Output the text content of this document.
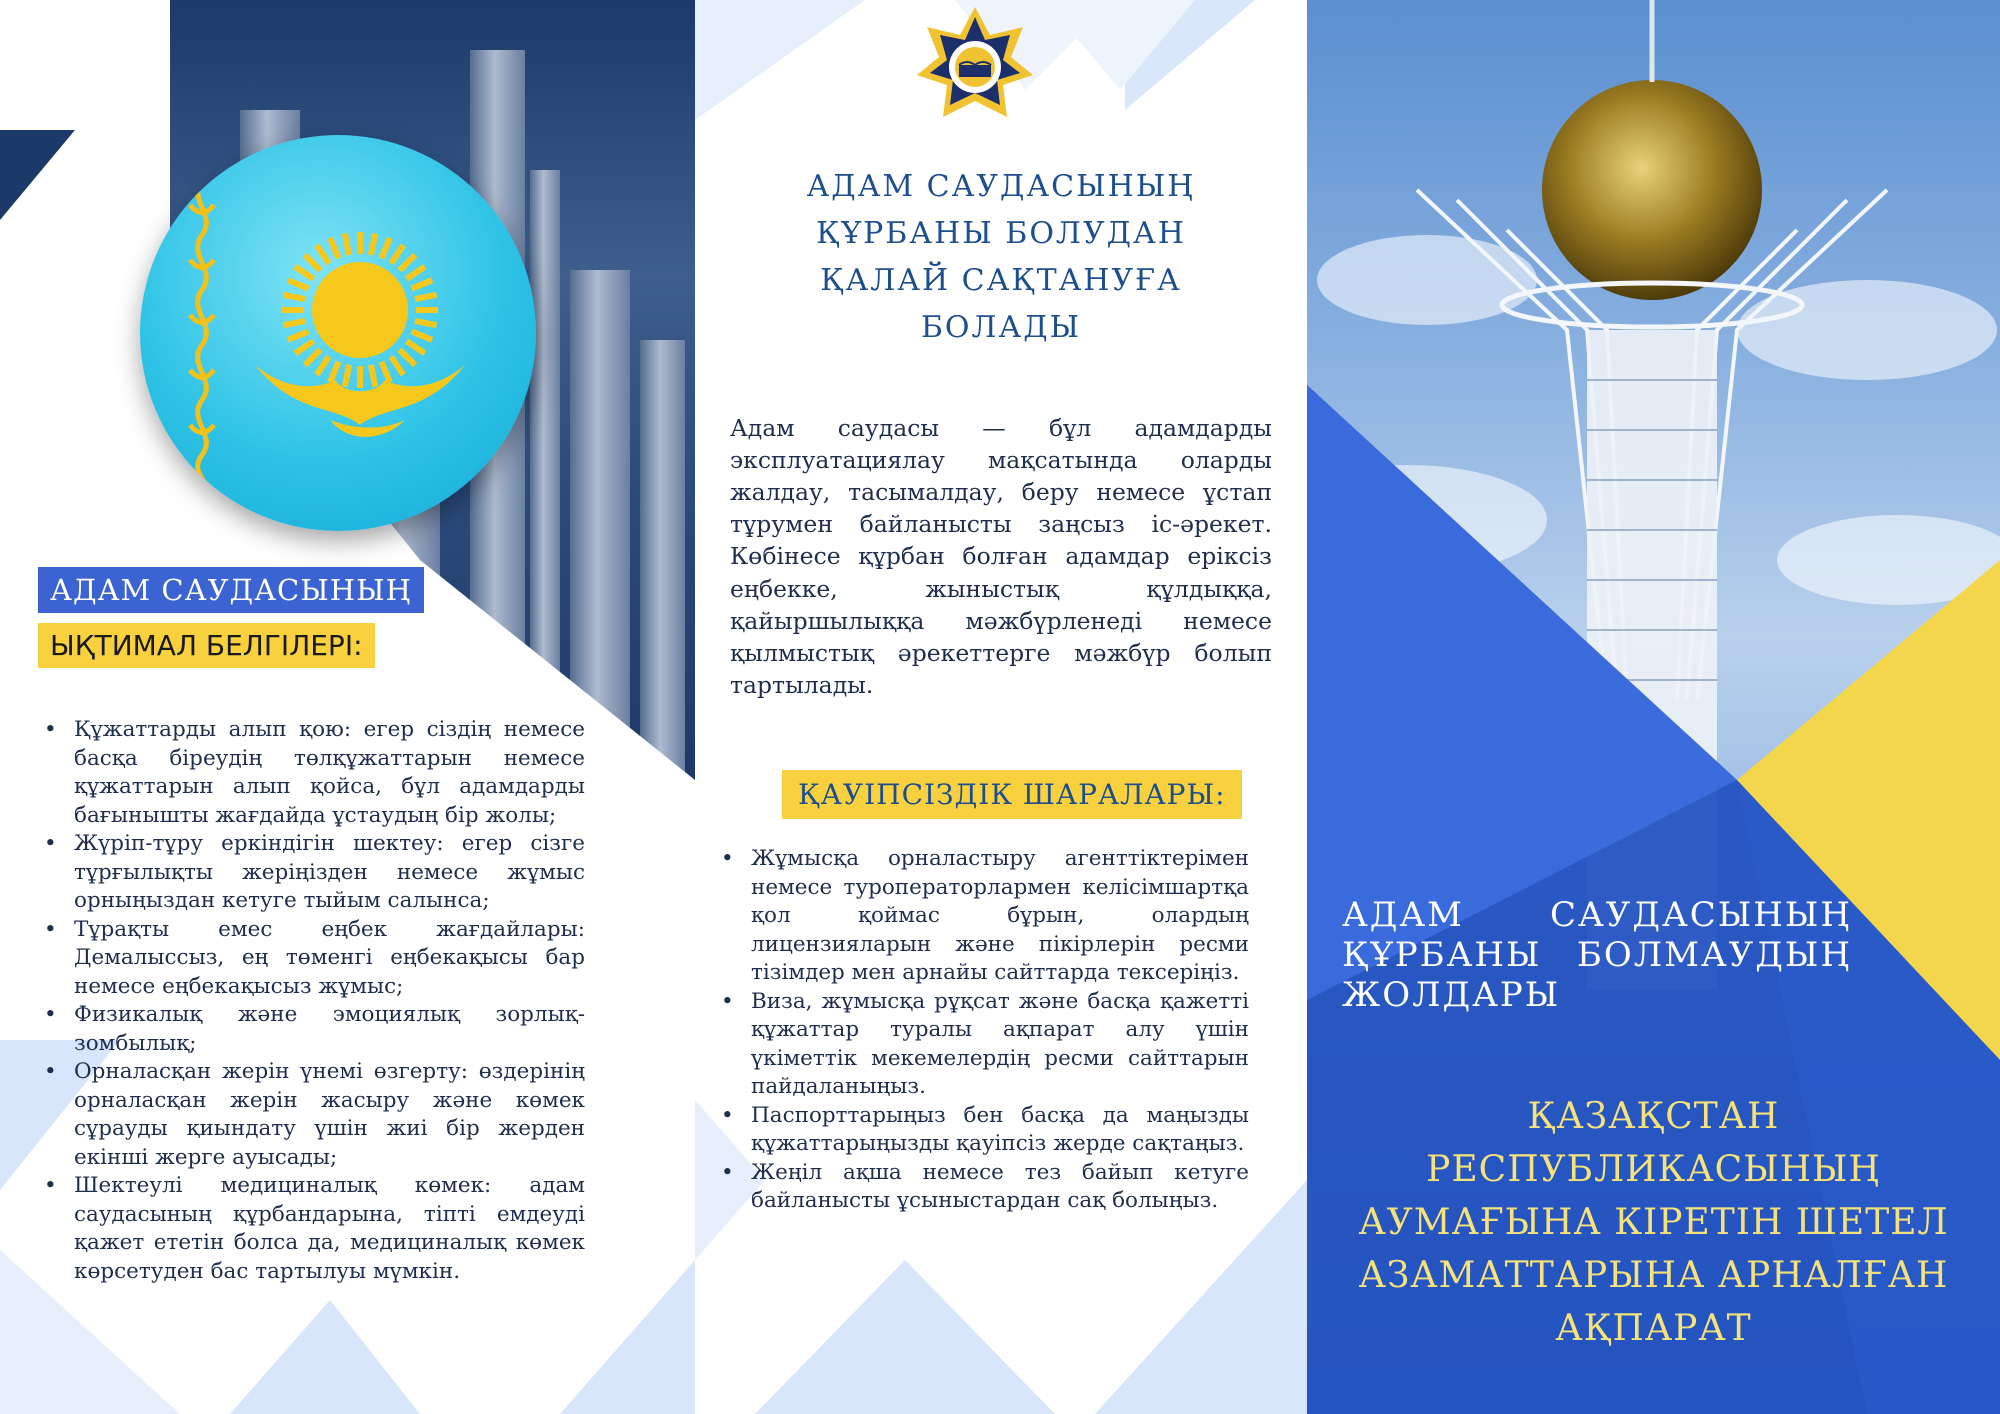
АДАМ САУДАСЫНЫҢ
ЫҚТИМАЛ БЕЛГІЛЕРІ:
• Құжаттарды алып қою: егер сіздің немесе басқа біреудің төлқұжаттарын немесе құжаттарын алып қойса, бұл адамдарды бағынышты жағдайда ұстаудың бір жолы;
• Жүріп-тұру еркіндігін шектеу: егер сізге тұрғылықты жеріңізден немесе жұмыс орныңыздан кетуге тыйым салынса;
• Тұрақты емес еңбек жағдайлары: Демалыссыз, ең төменгі еңбекақысы бар немесе еңбекақысыз жұмыс;
• Физикалық және эмоциялық зорлық-зомбылық;
• Орналасқан жерін үнемі өзгерту: өздерінің орналасқан жерін жасыру және көмек сұрауды қиындату үшін жиі бір жерден екінші жерге ауысады;
• Шектеулі медициналық көмек: адам саудасының құрбандарына, тіпті емдеуді қажет ететін болса да, медициналық көмек көрсетуден бас тартылуы мүмкін.
АДАМ САУДАСЫНЫҢ
ҚҰРБАНЫ БОЛУДАН
ҚАЛАЙ САҚТАНУҒА
БОЛАДЫ

Адам саудасы — бұл адамдарды эксплуатациялау мақсатында оларды жалдау, тасымалдау, беру немесе ұстап тұрумен байланысты заңсыз іс-әрекет. Көбінесе құрбан болған адамдар еріксіз еңбекке, жыныстық құлдыққа, қайыршылыққа мәжбүрленеді немесе қылмыстық әрекеттерге мәжбүр болып тартылады.

ҚАУІПСІЗДІК ШАРАЛАРЫ:
• Жұмысқа орналастыру агенттіктерімен немесе туроператорлармен келісімшартқа қол қоймас бұрын, олардың лицензияларын және пікірлерін ресми тізімдер мен арнайы сайттарда тексеріңіз.
• Виза, жұмысқа рұқсат және басқа қажетті құжаттар туралы ақпарат алу үшін үкіметтік мекемелердің ресми сайттарын пайдаланыңыз.
• Паспорттарыңыз бен басқа да маңызды құжаттарыңызды қауіпсіз жерде сақтаңыз.
• Жеңіл ақша немесе тез байып кетуге байланысты ұсыныстардан сақ болыңыз.
АДАМ САУДАСЫНЫҢ
ҚҰРБАНЫ БОЛМАУДЫҢ
ЖОЛДАРЫ
ҚАЗАҚСТАН
РЕСПУБЛИКАСЫНЫҢ
АУМАҒЫНА КІРЕТІН ШЕТЕЛ
АЗАМАТТАРЫНА АРНАЛҒАН
АҚПАРАТ
